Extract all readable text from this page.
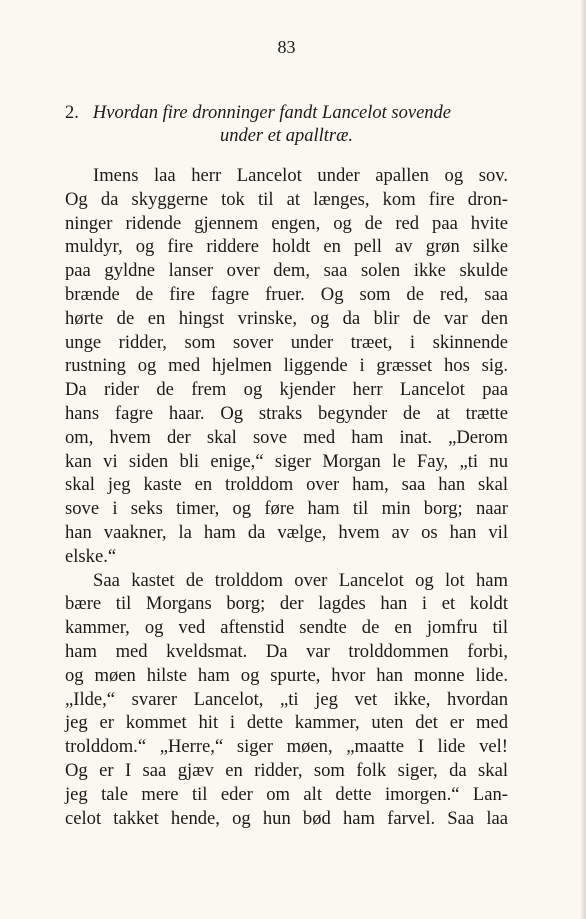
83
2. Hvordan fire dronninger fandt Lancelot sovende
under et apalltræ.
Imens laa herr Lancelot under apallen og sov.
Og da skyggerne tok til at længes, kom fire dron-
ninger ridende gjennem engen, og de red paa hvite
muldyr, og fire riddere holdt en pell av grøn silke
paa gyldne lanser over dem, saa solen ikke skulde
brænde de fire fagre fruer. Og som de red, saa
hørte de en hingst vrinske, og da blir de var den
unge ridder, som sover under træet, i skinnende
rustning og med hjelmen liggende i græsset hos sig.
Da rider de frem og kjender herr Lancelot paa
hans fagre haar. Og straks begynder de at trætte
om, hvem der skal sove med ham inat. „Derom
kan vi siden bli enige,“ siger Morgan le Fay, „ti nu
skal jeg kaste en trolddom over ham, saa han skal
sove i seks timer, og føre ham til min borg; naar
han vaakner, la ham da vælge, hvem av os han vil
elske.“
Saa kastet de trolddom over Lancelot og lot ham
bære til Morgans borg; der lagdes han i et koldt
kammer, og ved aftenstid sendte de en jomfru til
ham med kveldsmat. Da var trolddommen forbi,
og møen hilste ham og spurte, hvor han monne lide.
„Ilde,“ svarer Lancelot, „ti jeg vet ikke, hvordan
jeg er kommet hit i dette kammer, uten det er med
trolddom.“ „Herre,“ siger møen, „maatte I lide vel!
Og er I saa gjæv en ridder, som folk siger, da skal
jeg tale mere til eder om alt dette imorgen.“ Lan-
celot takket hende, og hun bød ham farvel. Saa laa
